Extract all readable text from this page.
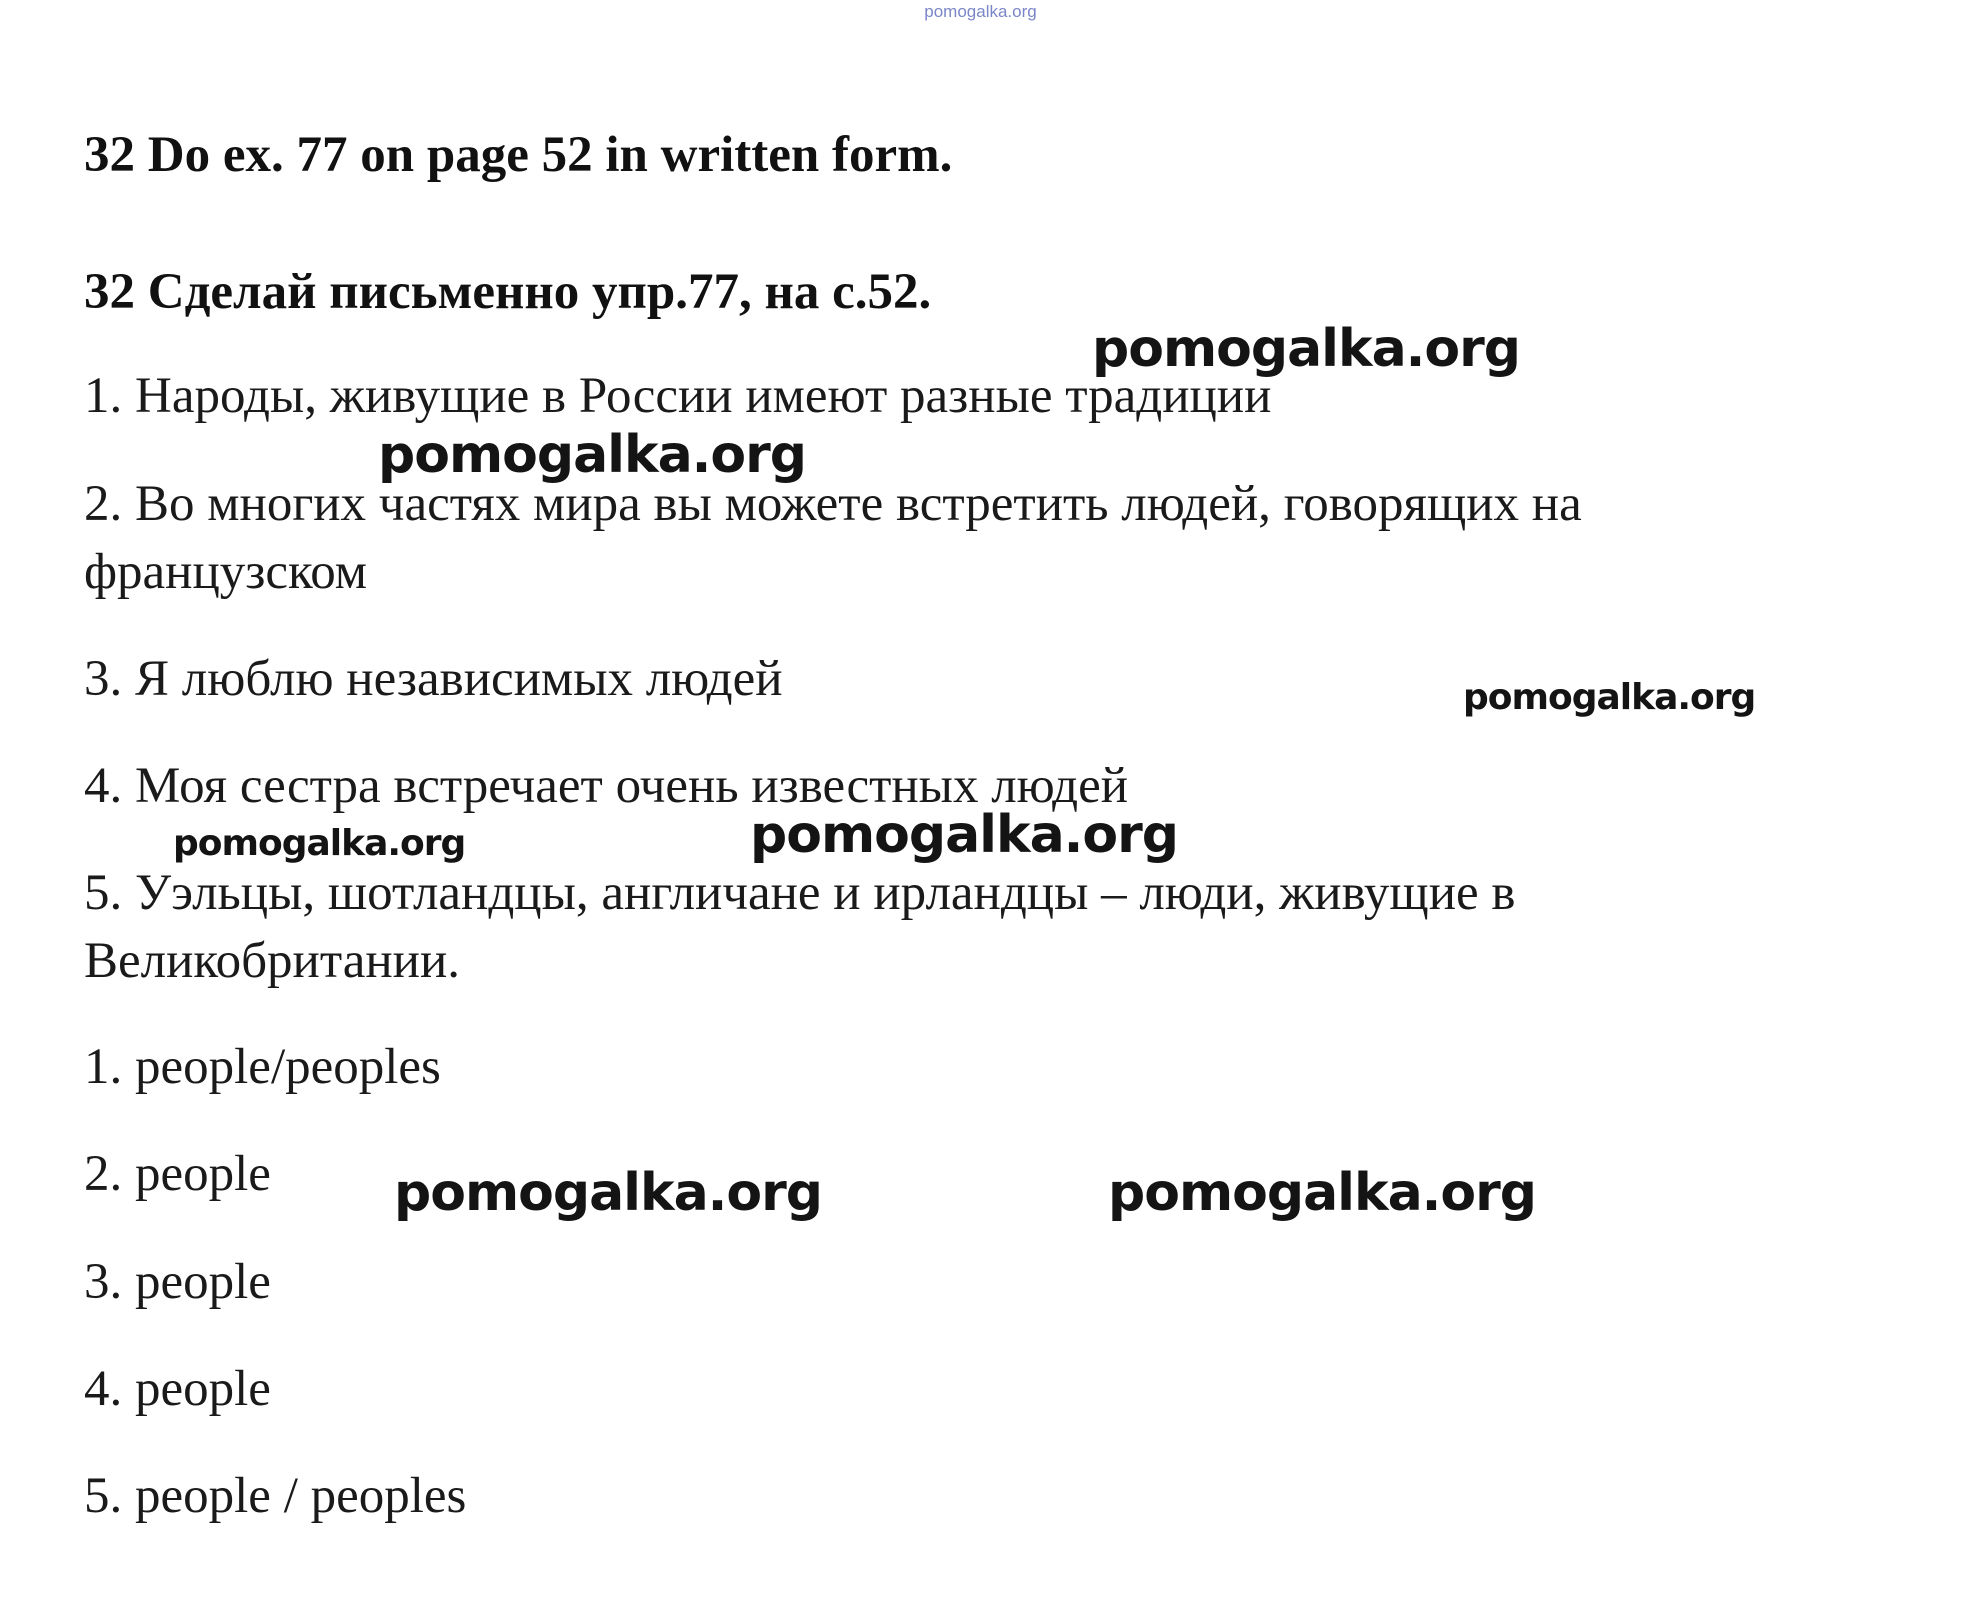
pomogalka.org
32 Do ex. 77 on page 52 in written form.
32 Сделай письменно упр.77, на с.52.
1. Народы, живущие в России имеют разные традиции
2. Во многих частях мира вы можете встретить людей, говорящих на
французском
3. Я люблю независимых людей
4. Моя сестра встречает очень известных людей
5. Уэльцы, шотландцы, англичане и ирландцы – люди, живущие в
Великобритании.
1. people/peoples
2. people
3. people
4. people
5. people / peoples
pomogalka.org
pomogalka.org
pomogalka.org
pomogalka.org	pomogalka.org
pomogalka.org	pomogalka.org
